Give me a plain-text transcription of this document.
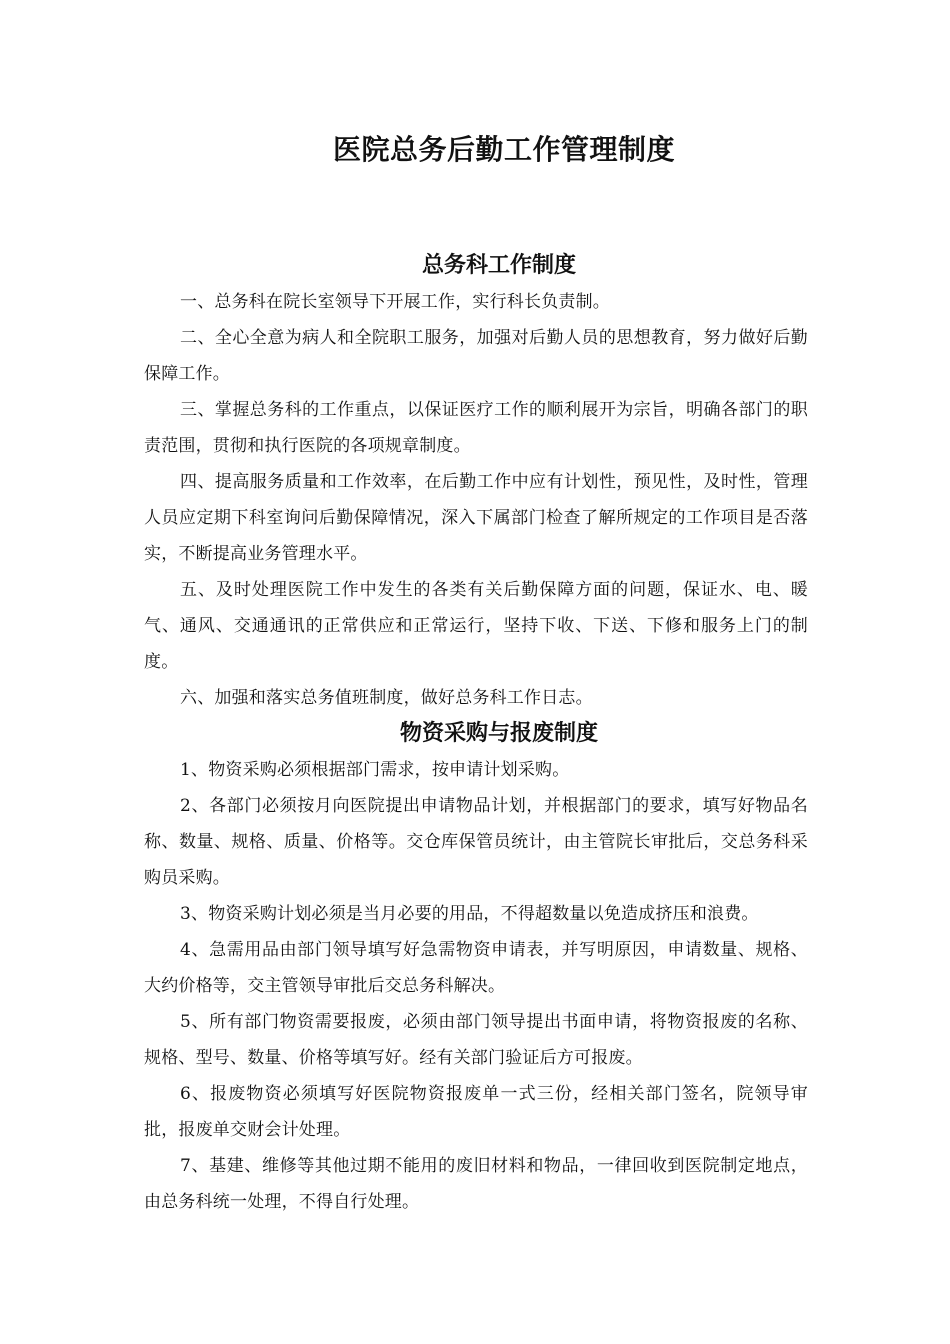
医院总务后勤工作管理制度
总务科工作制度
一、总务科在院长室领导下开展工作，实行科长负责制。
二、全心全意为病人和全院职工服务，加强对后勤人员的思想教育，努力做好后勤保障工作。
三、掌握总务科的工作重点，以保证医疗工作的顺利展开为宗旨，明确各部门的职责范围，贯彻和执行医院的各项规章制度。
四、提高服务质量和工作效率，在后勤工作中应有计划性，预见性，及时性，管理人员应定期下科室询问后勤保障情况，深入下属部门检查了解所规定的工作项目是否落实，不断提高业务管理水平。
五、及时处理医院工作中发生的各类有关后勤保障方面的问题，保证水、电、暖气、通风、交通通讯的正常供应和正常运行，坚持下收、下送、下修和服务上门的制度。
六、加强和落实总务值班制度，做好总务科工作日志。
物资采购与报废制度
1、物资采购必须根据部门需求，按申请计划采购。
2、各部门必须按月向医院提出申请物品计划，并根据部门的要求，填写好物品名称、数量、规格、质量、价格等。交仓库保管员统计，由主管院长审批后，交总务科采购员采购。
3、物资采购计划必须是当月必要的用品，不得超数量以免造成挤压和浪费。
4、急需用品由部门领导填写好急需物资申请表，并写明原因，申请数量、规格、大约价格等，交主管领导审批后交总务科解决。
5、所有部门物资需要报废，必须由部门领导提出书面申请，将物资报废的名称、规格、型号、数量、价格等填写好。经有关部门验证后方可报废。
6、报废物资必须填写好医院物资报废单一式三份，经相关部门签名，院领导审批，报废单交财会计处理。
7、基建、维修等其他过期不能用的废旧材料和物品，一律回收到医院制定地点，由总务科统一处理，不得自行处理。
